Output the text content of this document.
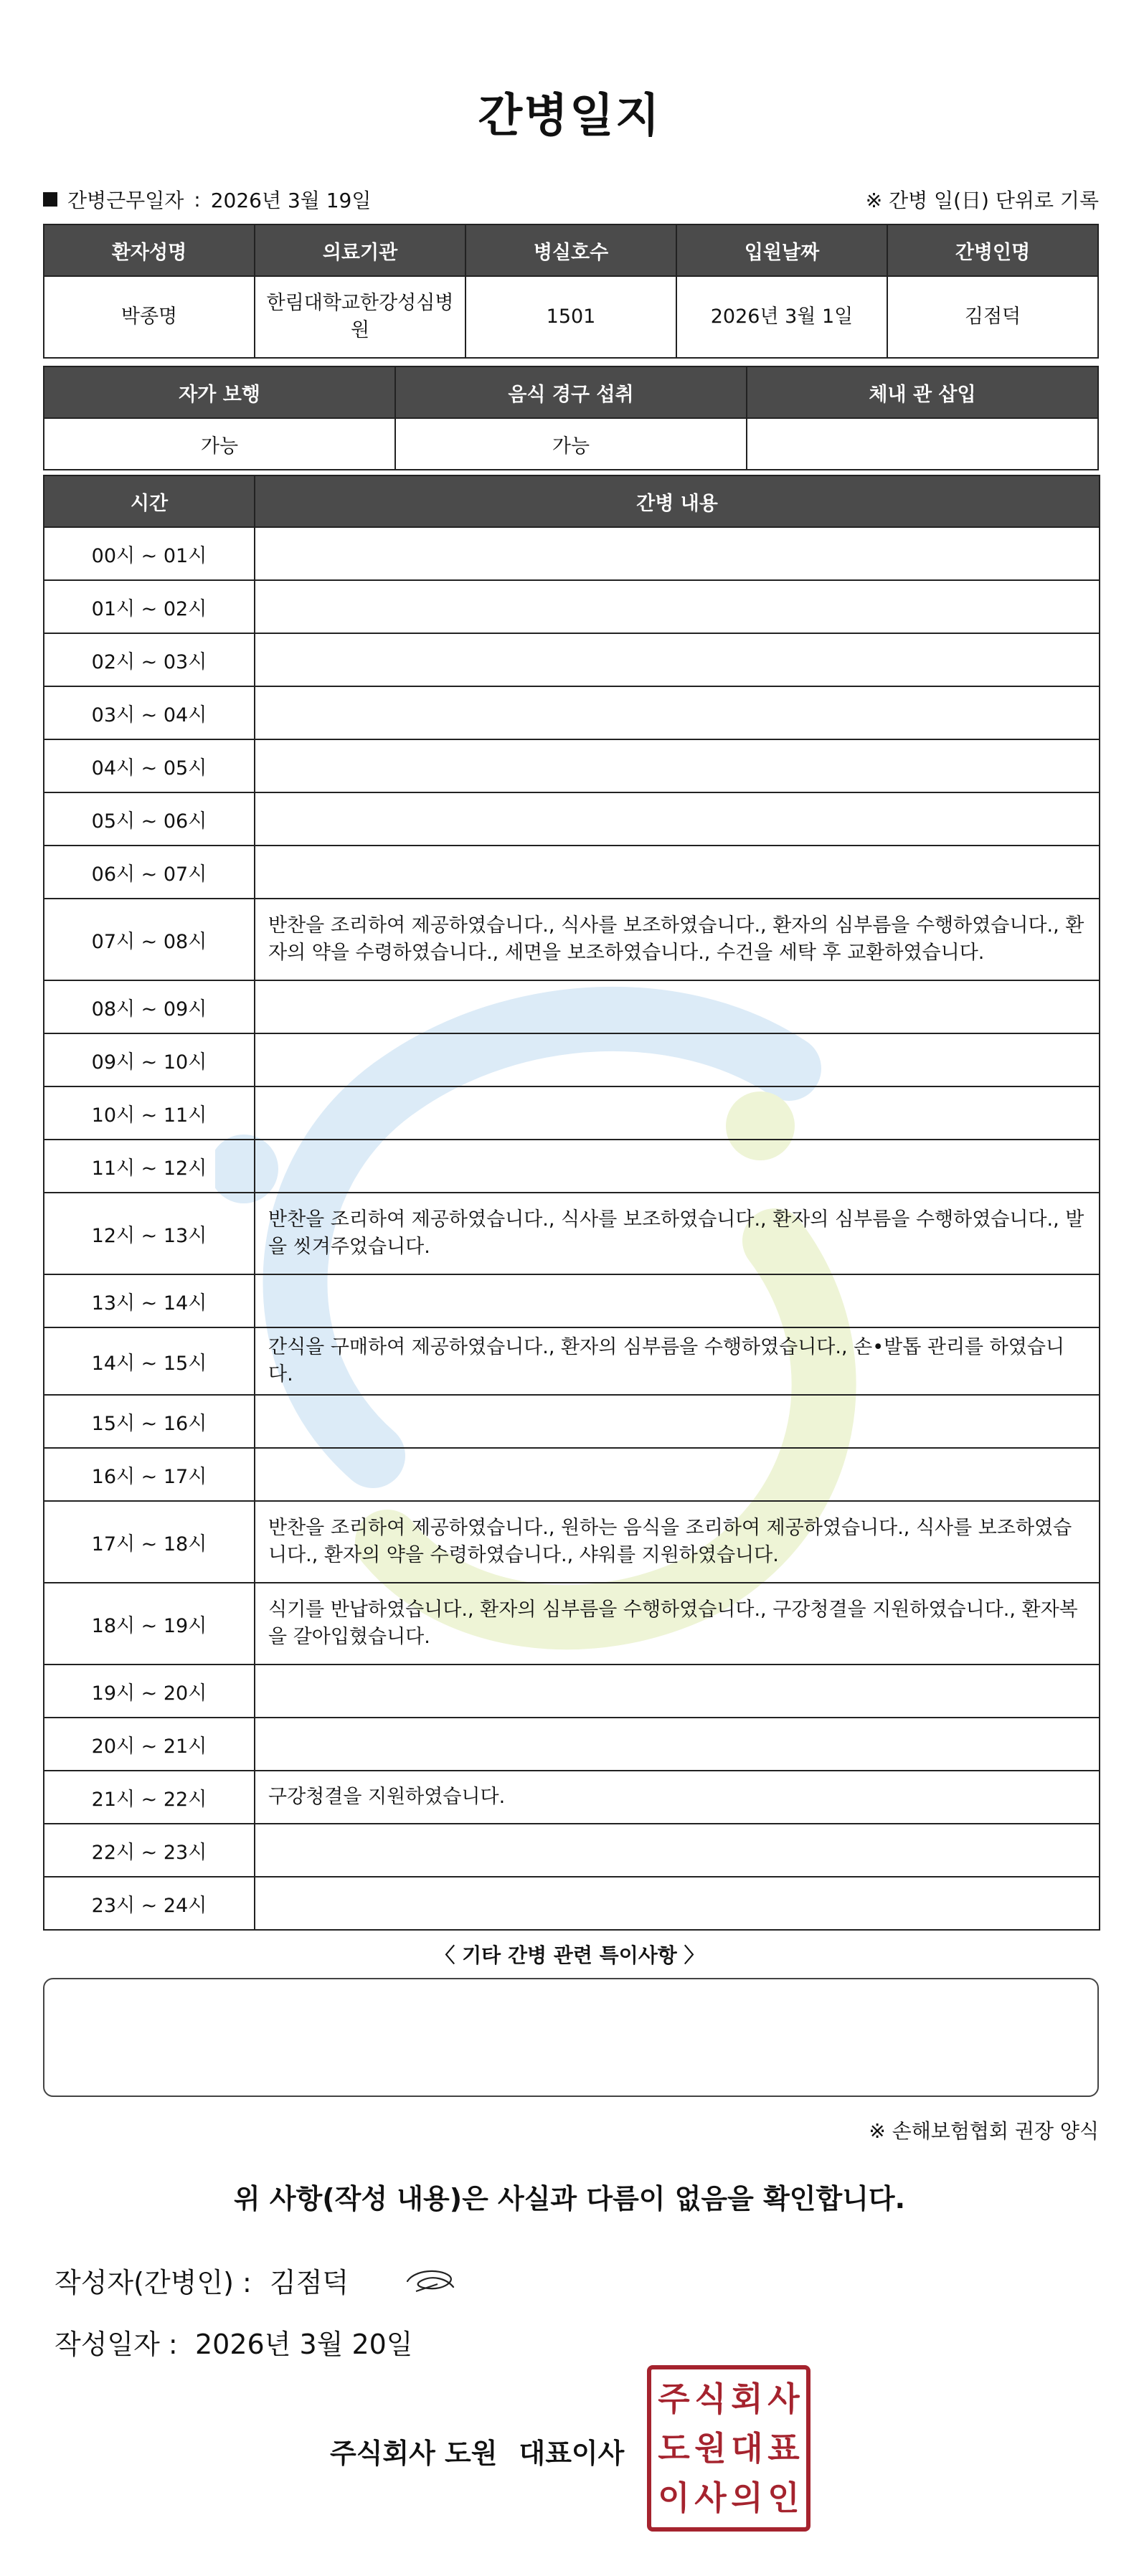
간병일지
간병근무일자 : 2026년 3월 19일	※ 간병 일(日) 단위로 기록
환자성명	의료기관	병실호수	입원날짜	간병인명
박종명	한림대학교한강성심병원	1501	2026년 3월 1일	김점덕
자가 보행	음식 경구 섭취	체내 관 삽입
가능	가능	
시간	간병 내용
00시 ~ 01시	
01시 ~ 02시	
02시 ~ 03시	
03시 ~ 04시	
04시 ~ 05시	
05시 ~ 06시	
06시 ~ 07시	
07시 ~ 08시	반찬을 조리하여 제공하였습니다., 식사를 보조하였습니다., 환자의 심부름을 수행하였습니다., 환자의 약을 수령하였습니다., 세면을 보조하였습니다., 수건을 세탁 후 교환하였습니다.
08시 ~ 09시	
09시 ~ 10시	
10시 ~ 11시	
11시 ~ 12시	
12시 ~ 13시	반찬을 조리하여 제공하였습니다., 식사를 보조하였습니다., 환자의 심부름을 수행하였습니다., 발을 씻겨주었습니다.
13시 ~ 14시	
14시 ~ 15시	간식을 구매하여 제공하였습니다., 환자의 심부름을 수행하였습니다., 손•발톱 관리를 하였습니다.
15시 ~ 16시	
16시 ~ 17시	
17시 ~ 18시	반찬을 조리하여 제공하였습니다., 원하는 음식을 조리하여 제공하였습니다., 식사를 보조하였습니다., 환자의 약을 수령하였습니다., 샤워를 지원하였습니다.
18시 ~ 19시	식기를 반납하였습니다., 환자의 심부름을 수행하였습니다., 구강청결을 지원하였습니다., 환자복을 갈아입혔습니다.
19시 ~ 20시	
20시 ~ 21시	
21시 ~ 22시	구강청결을 지원하였습니다.
22시 ~ 23시	
23시 ~ 24시	
〈 기타 간병 관련 특이사항 〉
※ 손해보험협회 권장 양식
위 사항(작성 내용)은 사실과 다름이 없음을 확인합니다.
작성자(간병인) : 김점덕
작성일자 : 2026년 3월 20일
주식회사 도원 대표이사
주 식 회 사
도 원 대 표
이 사 의 인
